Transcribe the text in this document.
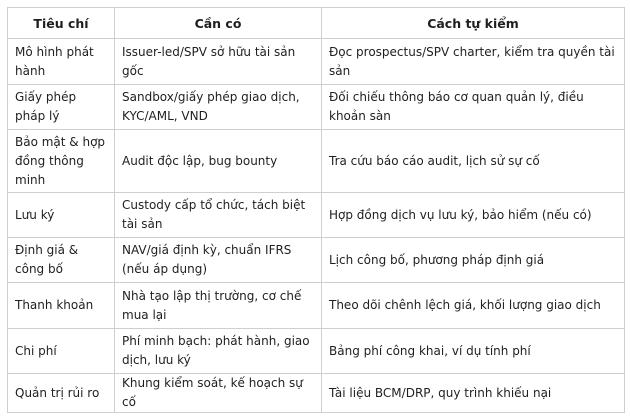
Tiêu chí	Cần có	Cách tự kiểm
Mô hình phát hành	Issuer-led/SPV sở hữu tài sản gốc	Đọc prospectus/SPV charter, kiểm tra quyền tài sản
Giấy phép pháp lý	Sandbox/giấy phép giao dịch, KYC/AML, VND	Đối chiếu thông báo cơ quan quản lý, điều khoản sàn
Bảo mật & hợp đồng thông minh	Audit độc lập, bug bounty	Tra cứu báo cáo audit, lịch sử sự cố
Lưu ký	Custody cấp tổ chức, tách biệt tài sản	Hợp đồng dịch vụ lưu ký, bảo hiểm (nếu có)
Định giá & công bố	NAV/giá định kỳ, chuẩn IFRS (nếu áp dụng)	Lịch công bố, phương pháp định giá
Thanh khoản	Nhà tạo lập thị trường, cơ chế mua lại	Theo dõi chênh lệch giá, khối lượng giao dịch
Chi phí	Phí minh bạch: phát hành, giao dịch, lưu ký	Bảng phí công khai, ví dụ tính phí
Quản trị rủi ro	Khung kiểm soát, kế hoạch sự cố	Tài liệu BCM/DRP, quy trình khiếu nại
